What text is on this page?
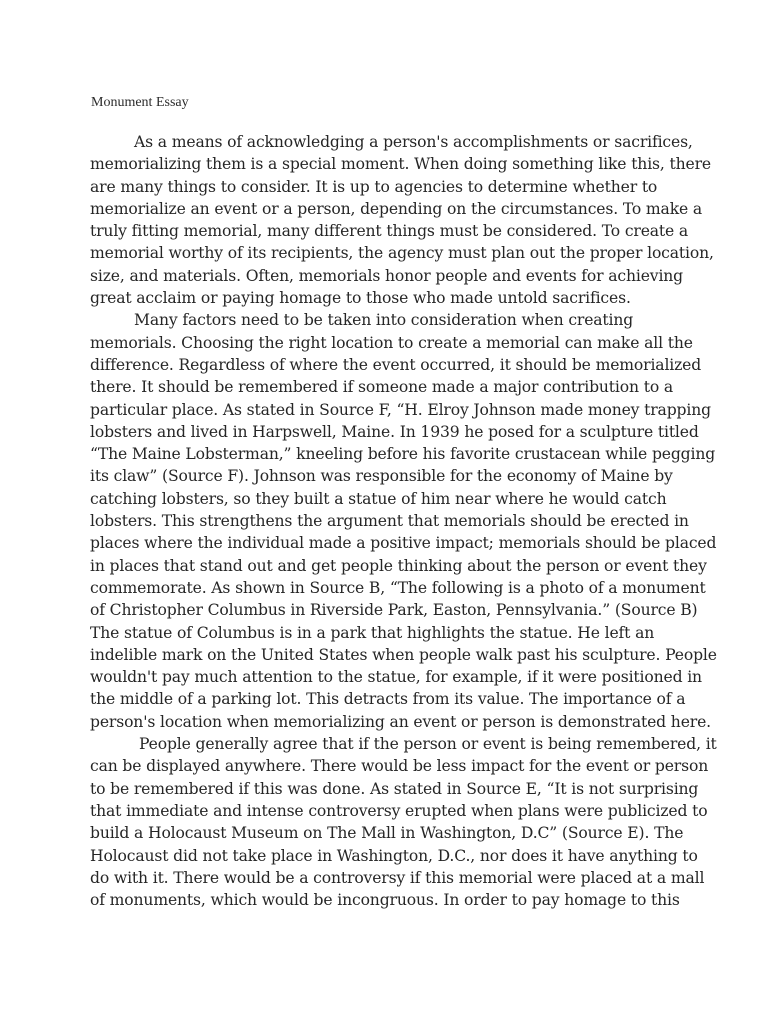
Monument Essay
As a means of acknowledging a person's accomplishments or sacrifices,
memorializing them is a special moment. When doing something like this, there
are many things to consider. It is up to agencies to determine whether to
memorialize an event or a person, depending on the circumstances. To make a
truly fitting memorial, many different things must be considered. To create a
memorial worthy of its recipients, the agency must plan out the proper location,
size, and materials. Often, memorials honor people and events for achieving
great acclaim or paying homage to those who made untold sacrifices.
Many factors need to be taken into consideration when creating
memorials. Choosing the right location to create a memorial can make all the
difference. Regardless of where the event occurred, it should be memorialized
there. It should be remembered if someone made a major contribution to a
particular place. As stated in Source F, “H. Elroy Johnson made money trapping
lobsters and lived in Harpswell, Maine. In 1939 he posed for a sculpture titled
“The Maine Lobsterman,” kneeling before his favorite crustacean while pegging
its claw” (Source F). Johnson was responsible for the economy of Maine by
catching lobsters, so they built a statue of him near where he would catch
lobsters. This strengthens the argument that memorials should be erected in
places where the individual made a positive impact; memorials should be placed
in places that stand out and get people thinking about the person or event they
commemorate. As shown in Source B, “The following is a photo of a monument
of Christopher Columbus in Riverside Park, Easton, Pennsylvania.” (Source B)
The statue of Columbus is in a park that highlights the statue. He left an
indelible mark on the United States when people walk past his sculpture. People
wouldn't pay much attention to the statue, for example, if it were positioned in
the middle of a parking lot. This detracts from its value. The importance of a
person's location when memorializing an event or person is demonstrated here.
People generally agree that if the person or event is being remembered, it
can be displayed anywhere. There would be less impact for the event or person
to be remembered if this was done. As stated in Source E, “It is not surprising
that immediate and intense controversy erupted when plans were publicized to
build a Holocaust Museum on The Mall in Washington, D.C” (Source E). The
Holocaust did not take place in Washington, D.C., nor does it have anything to
do with it. There would be a controversy if this memorial were placed at a mall
of monuments, which would be incongruous. In order to pay homage to this
